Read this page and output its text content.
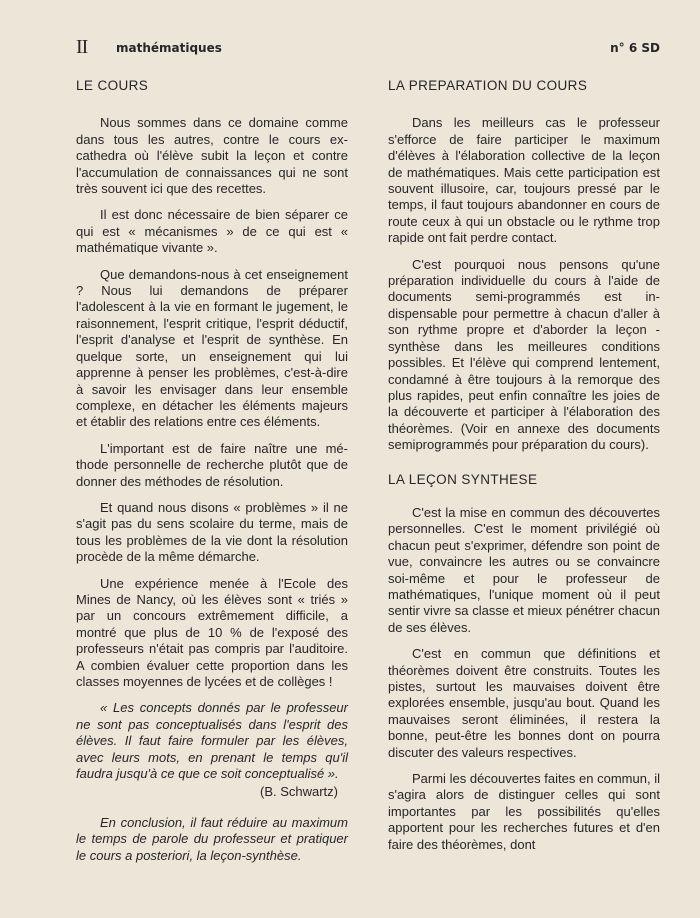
II mathématiques	n° 6 SD
LE COURS

Nous sommes dans ce domaine comme dans tous les autres, contre le cours excathedra où l'élève subit la leçon et contre l'accumulation de connaissances qui ne sont très souvent ici que des recettes.

Il est donc nécessaire de bien séparer ce qui est « mécanismes » de ce qui est « mathématique vivante ».

Que demandons-nous à cet enseignement ? Nous lui demandons de préparer l'adolescent à la vie en formant le jugement, le raisonnement, l'esprit critique, l'esprit déductif, l'esprit d'analyse et l'esprit de synthèse. En quelque sorte, un enseignement qui lui apprenne à penser les problèmes, c'est-à-dire à savoir les envisager dans leur ensemble complexe, en détacher les éléments majeurs et établir des relations entre ces éléments.

L'important est de faire naître une méthode personnelle de recherche plutôt que de donner des méthodes de résolution.

Et quand nous disons « problèmes » il ne s'agit pas du sens scolaire du terme, mais de tous les problèmes de la vie dont la résolution procède de la même démarche.

Une expérience menée à l'Ecole des Mines de Nancy, où les élèves sont « triés » par un concours extrêmement difficile, a montré que plus de 10 % de l'exposé des professeurs n'était pas compris par l'auditoire. A combien évaluer cette proportion dans les classes moyennes de lycées et de collèges !

« Les concepts donnés par le professeur ne sont pas conceptualisés dans l'esprit des élèves. Il faut faire formuler par les élèves, avec leurs mots, en prenant le temps qu'il faudra jusqu'à ce que ce soit conceptualisé ».

(B. Schwartz)

En conclusion, il faut réduire au maximum le temps de parole du professeur et pratiquer le cours a posteriori, la leçon-synthèse.

LA PREPARATION DU COURS

Dans les meilleurs cas le professeur s'efforce de faire participer le maximum d'élèves à l'élaboration collective de la leçon de mathématiques. Mais cette participation est souvent illusoire, car, toujours pressé par le temps, il faut toujours abandonner en cours de route ceux à qui un obstacle ou le rythme trop rapide ont fait perdre contact.

C'est pourquoi nous pensons qu'une préparation individuelle du cours à l'aide de documents semi-programmés est indispensable pour permettre à chacun d'aller à son rythme propre et d'aborder la leçon - synthèse dans les meilleures conditions possibles. Et l'élève qui comprend lentement, condamné à être toujours à la remorque des plus rapides, peut enfin connaître les joies de la découverte et participer à l'élaboration des théorèmes. (Voir en annexe des documents semiprogrammés pour préparation du cours).

LA LEÇON SYNTHESE

C'est la mise en commun des découvertes personnelles. C'est le moment privilégié où chacun peut s'exprimer, défendre son point de vue, convaincre les autres ou se convaincre soi-même et pour le professeur de mathématiques, l'unique moment où il peut sentir vivre sa classe et mieux pénétrer chacun de ses élèves.

C'est en commun que définitions et théorèmes doivent être construits. Toutes les pistes, surtout les mauvaises doivent être explorées ensemble, jusqu'au bout. Quand les mauvaises seront éliminées, il restera la bonne, peut-être les bonnes dont on pourra discuter des valeurs respectives.

Parmi les découvertes faites en commun, il s'agira alors de distinguer celles qui sont importantes par les possibilités qu'elles apportent pour les recherches futures et d'en faire des théorèmes, dont
